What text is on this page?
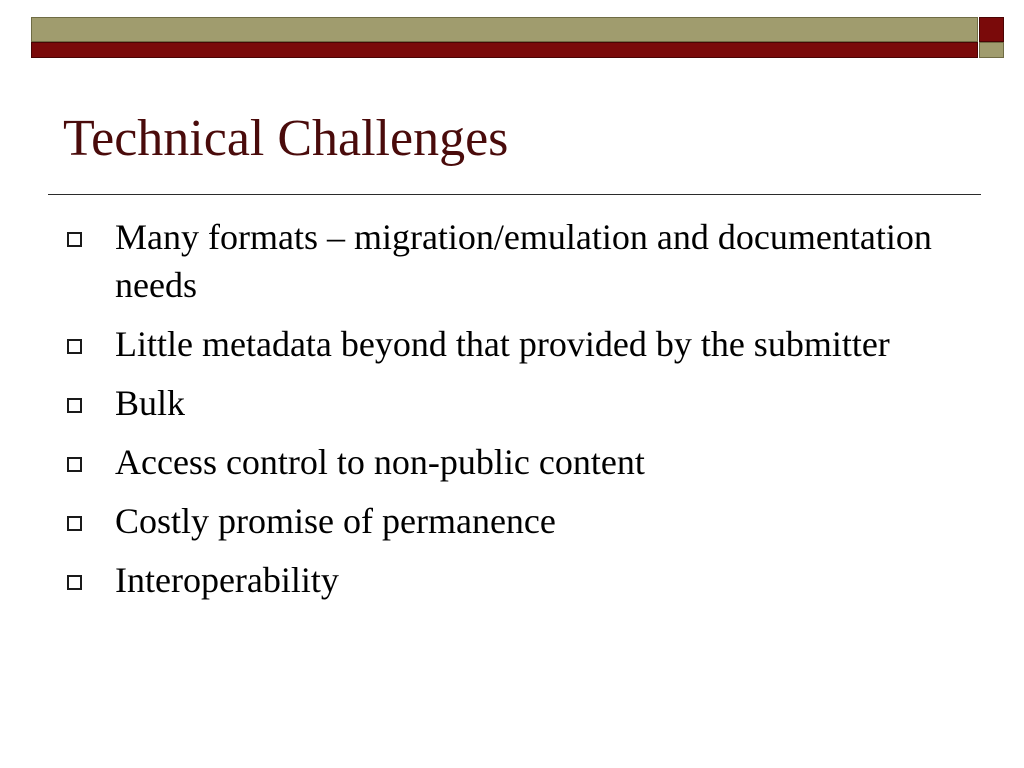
Technical Challenges
Many formats – migration/emulation and documentation needs
Little metadata beyond that provided by the submitter
Bulk
Access control to non-public content
Costly promise of permanence
Interoperability
